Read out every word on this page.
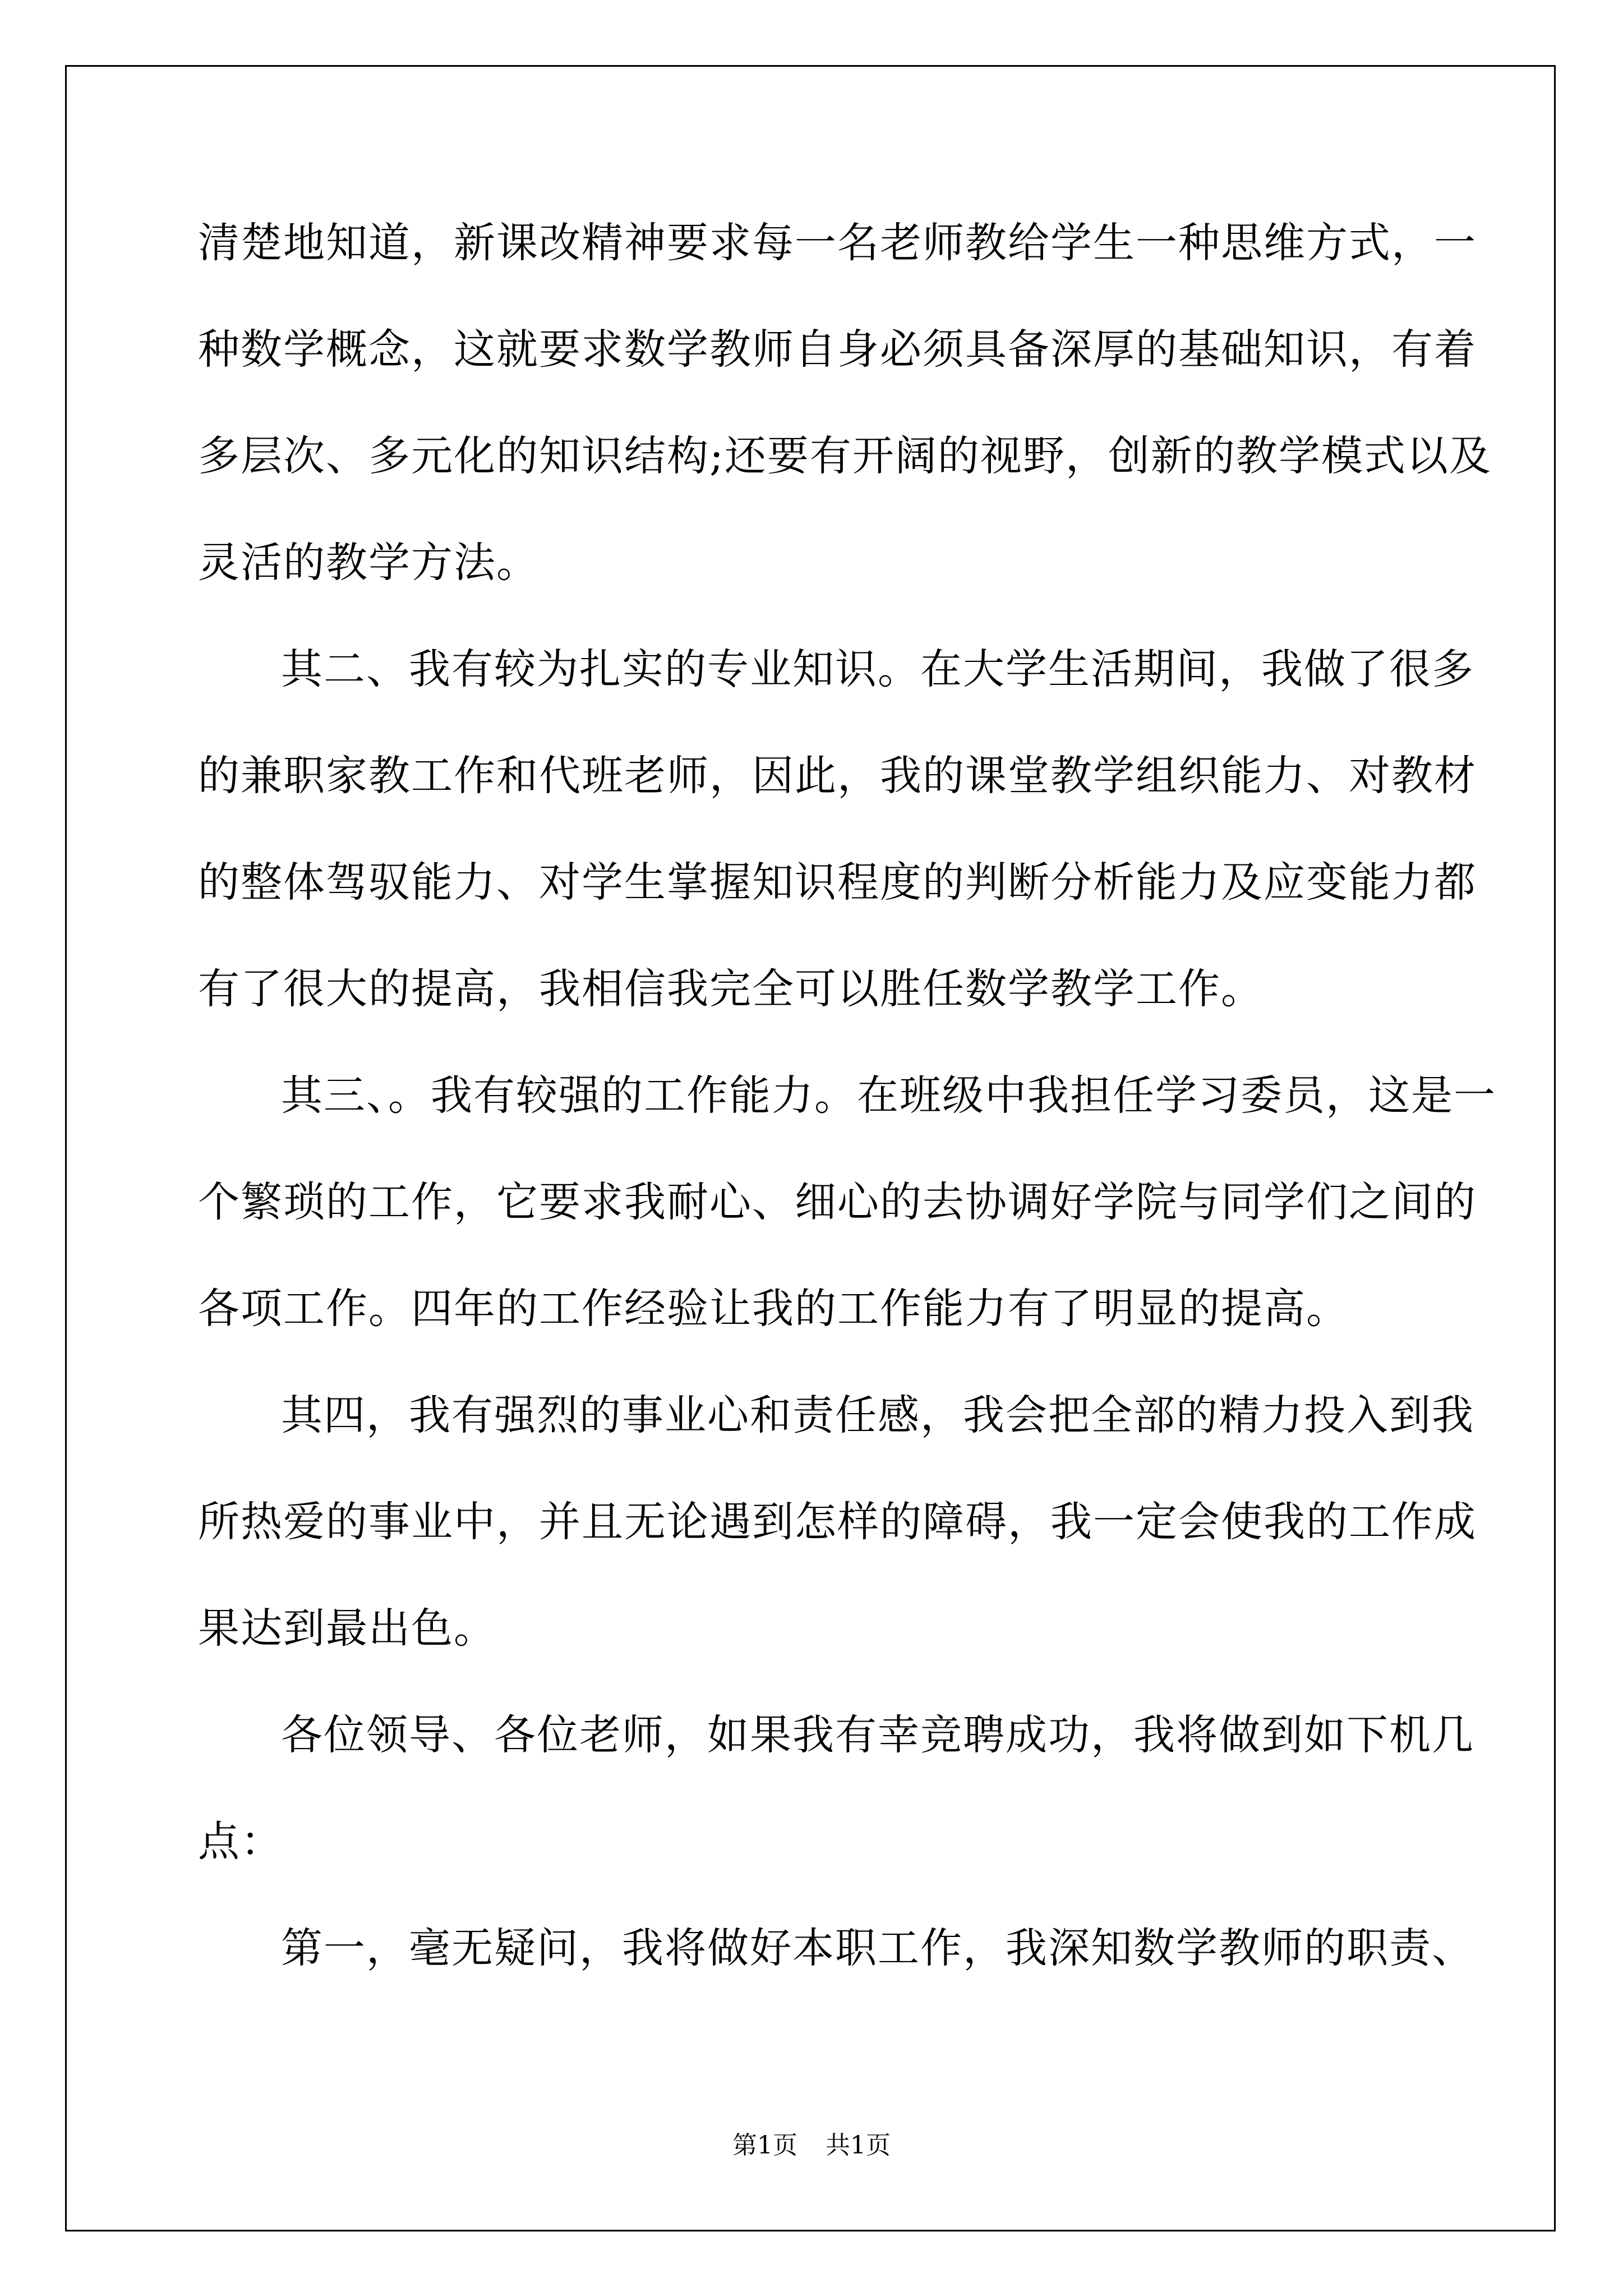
清楚地知道，新课改精神要求每一名老师教给学生一种思维方式，一
种数学概念，这就要求数学教师自身必须具备深厚的基础知识，有着
多层次、多元化的知识结构;还要有开阔的视野，创新的教学模式以及
灵活的教学方法。

其二、我有较为扎实的专业知识。在大学生活期间，我做了很多
的兼职家教工作和代班老师，因此，我的课堂教学组织能力、对教材
的整体驾驭能力、对学生掌握知识程度的判断分析能力及应变能力都
有了很大的提高，我相信我完全可以胜任数学教学工作。

其三、。我有较强的工作能力。在班级中我担任学习委员，这是一
个繁琐的工作，它要求我耐心、细心的去协调好学院与同学们之间的
各项工作。四年的工作经验让我的工作能力有了明显的提高。

其四，我有强烈的事业心和责任感，我会把全部的精力投入到我
所热爱的事业中，并且无论遇到怎样的障碍，我一定会使我的工作成
果达到最出色。

各位领导、各位老师，如果我有幸竞聘成功，我将做到如下机几
点：

第一，毫无疑问，我将做好本职工作，我深知数学教师的职责、

第1页 共1页
